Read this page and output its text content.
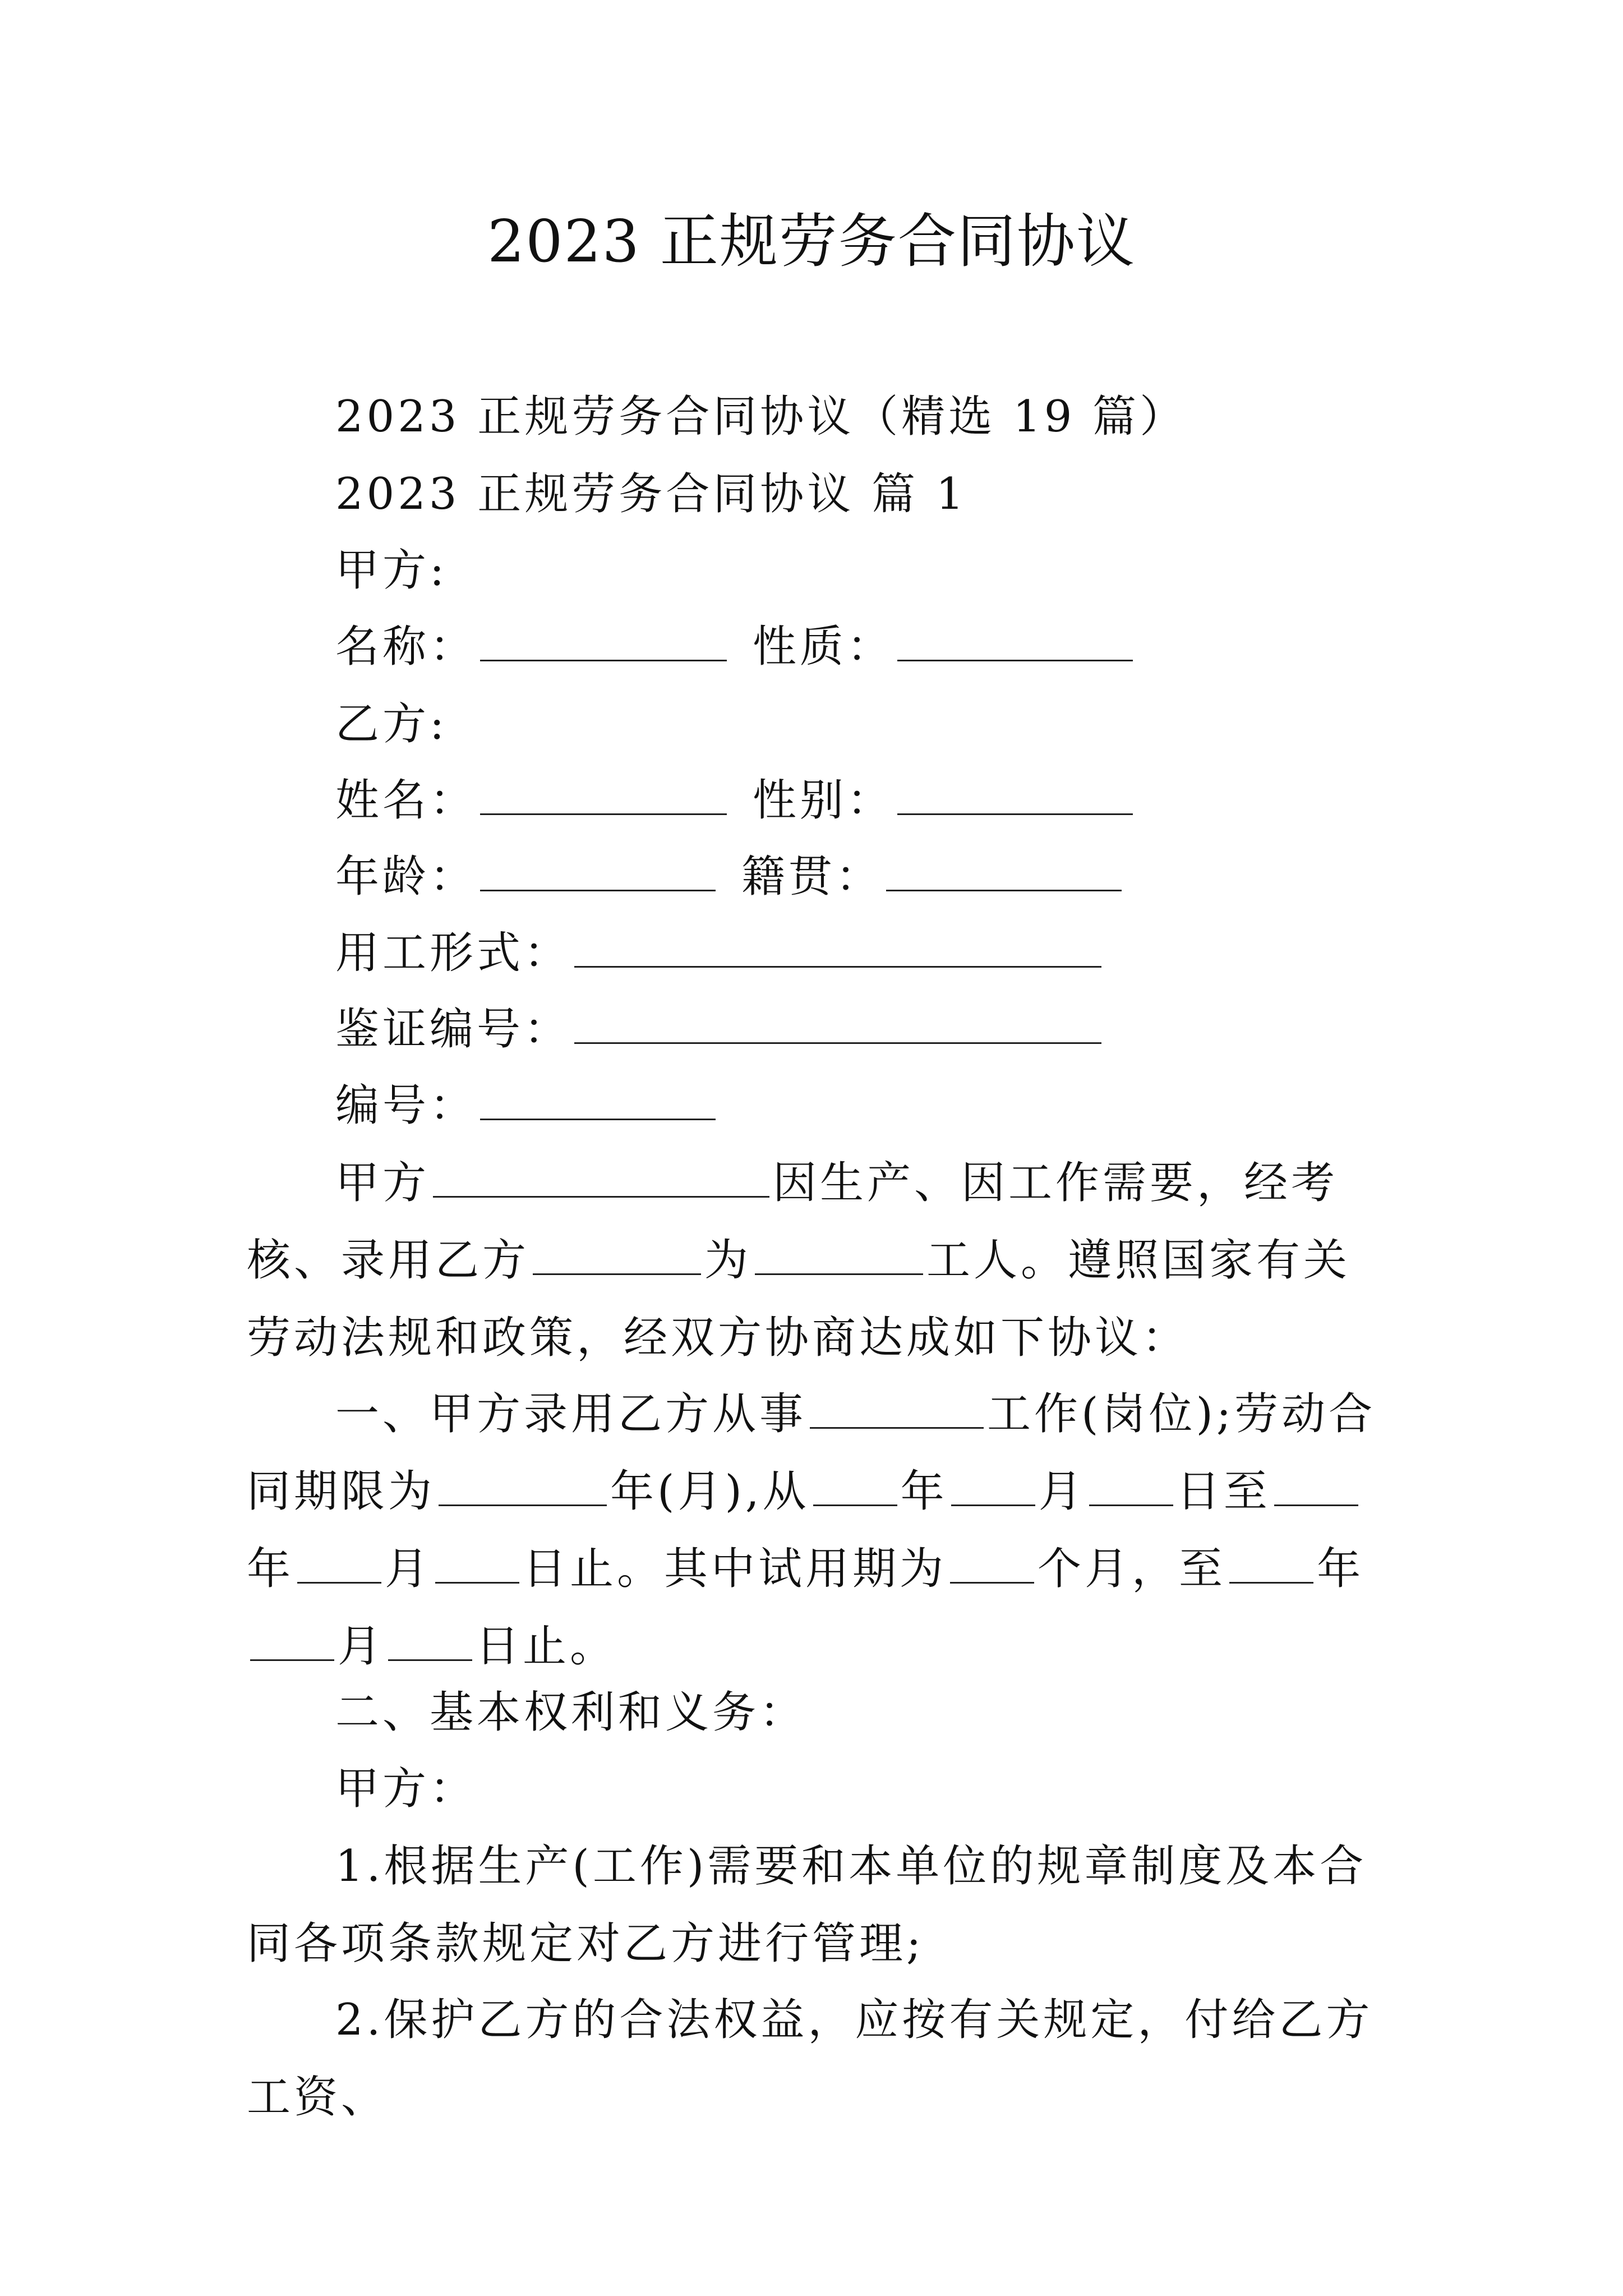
2023 正规劳务合同协议
2023 正规劳务合同协议（精选 19 篇）
2023 正规劳务合同协议 篇 1
甲方:
名称：	性质：
乙方:
姓名：	性别：
年龄：	籍贯：
用工形式：
鉴证编号：
编号：

甲方	因生产、因工作需要，经考核、录用乙方	为	工人。遵照国家有关劳动法规和政策，经双方协商达成如下协议：

一、甲方录用乙方从事	工作(岗位);劳动合同期限为	年(月),从 年 月 日至年 月 日止。其中试用期为 个月，至 年月 日止。

二、基本权利和义务：
甲方：

1.根据生产(工作)需要和本单位的规章制度及本合同各项条款规定对乙方进行管理;

2.保护乙方的合法权益，应按有关规定，付给乙方工资、
